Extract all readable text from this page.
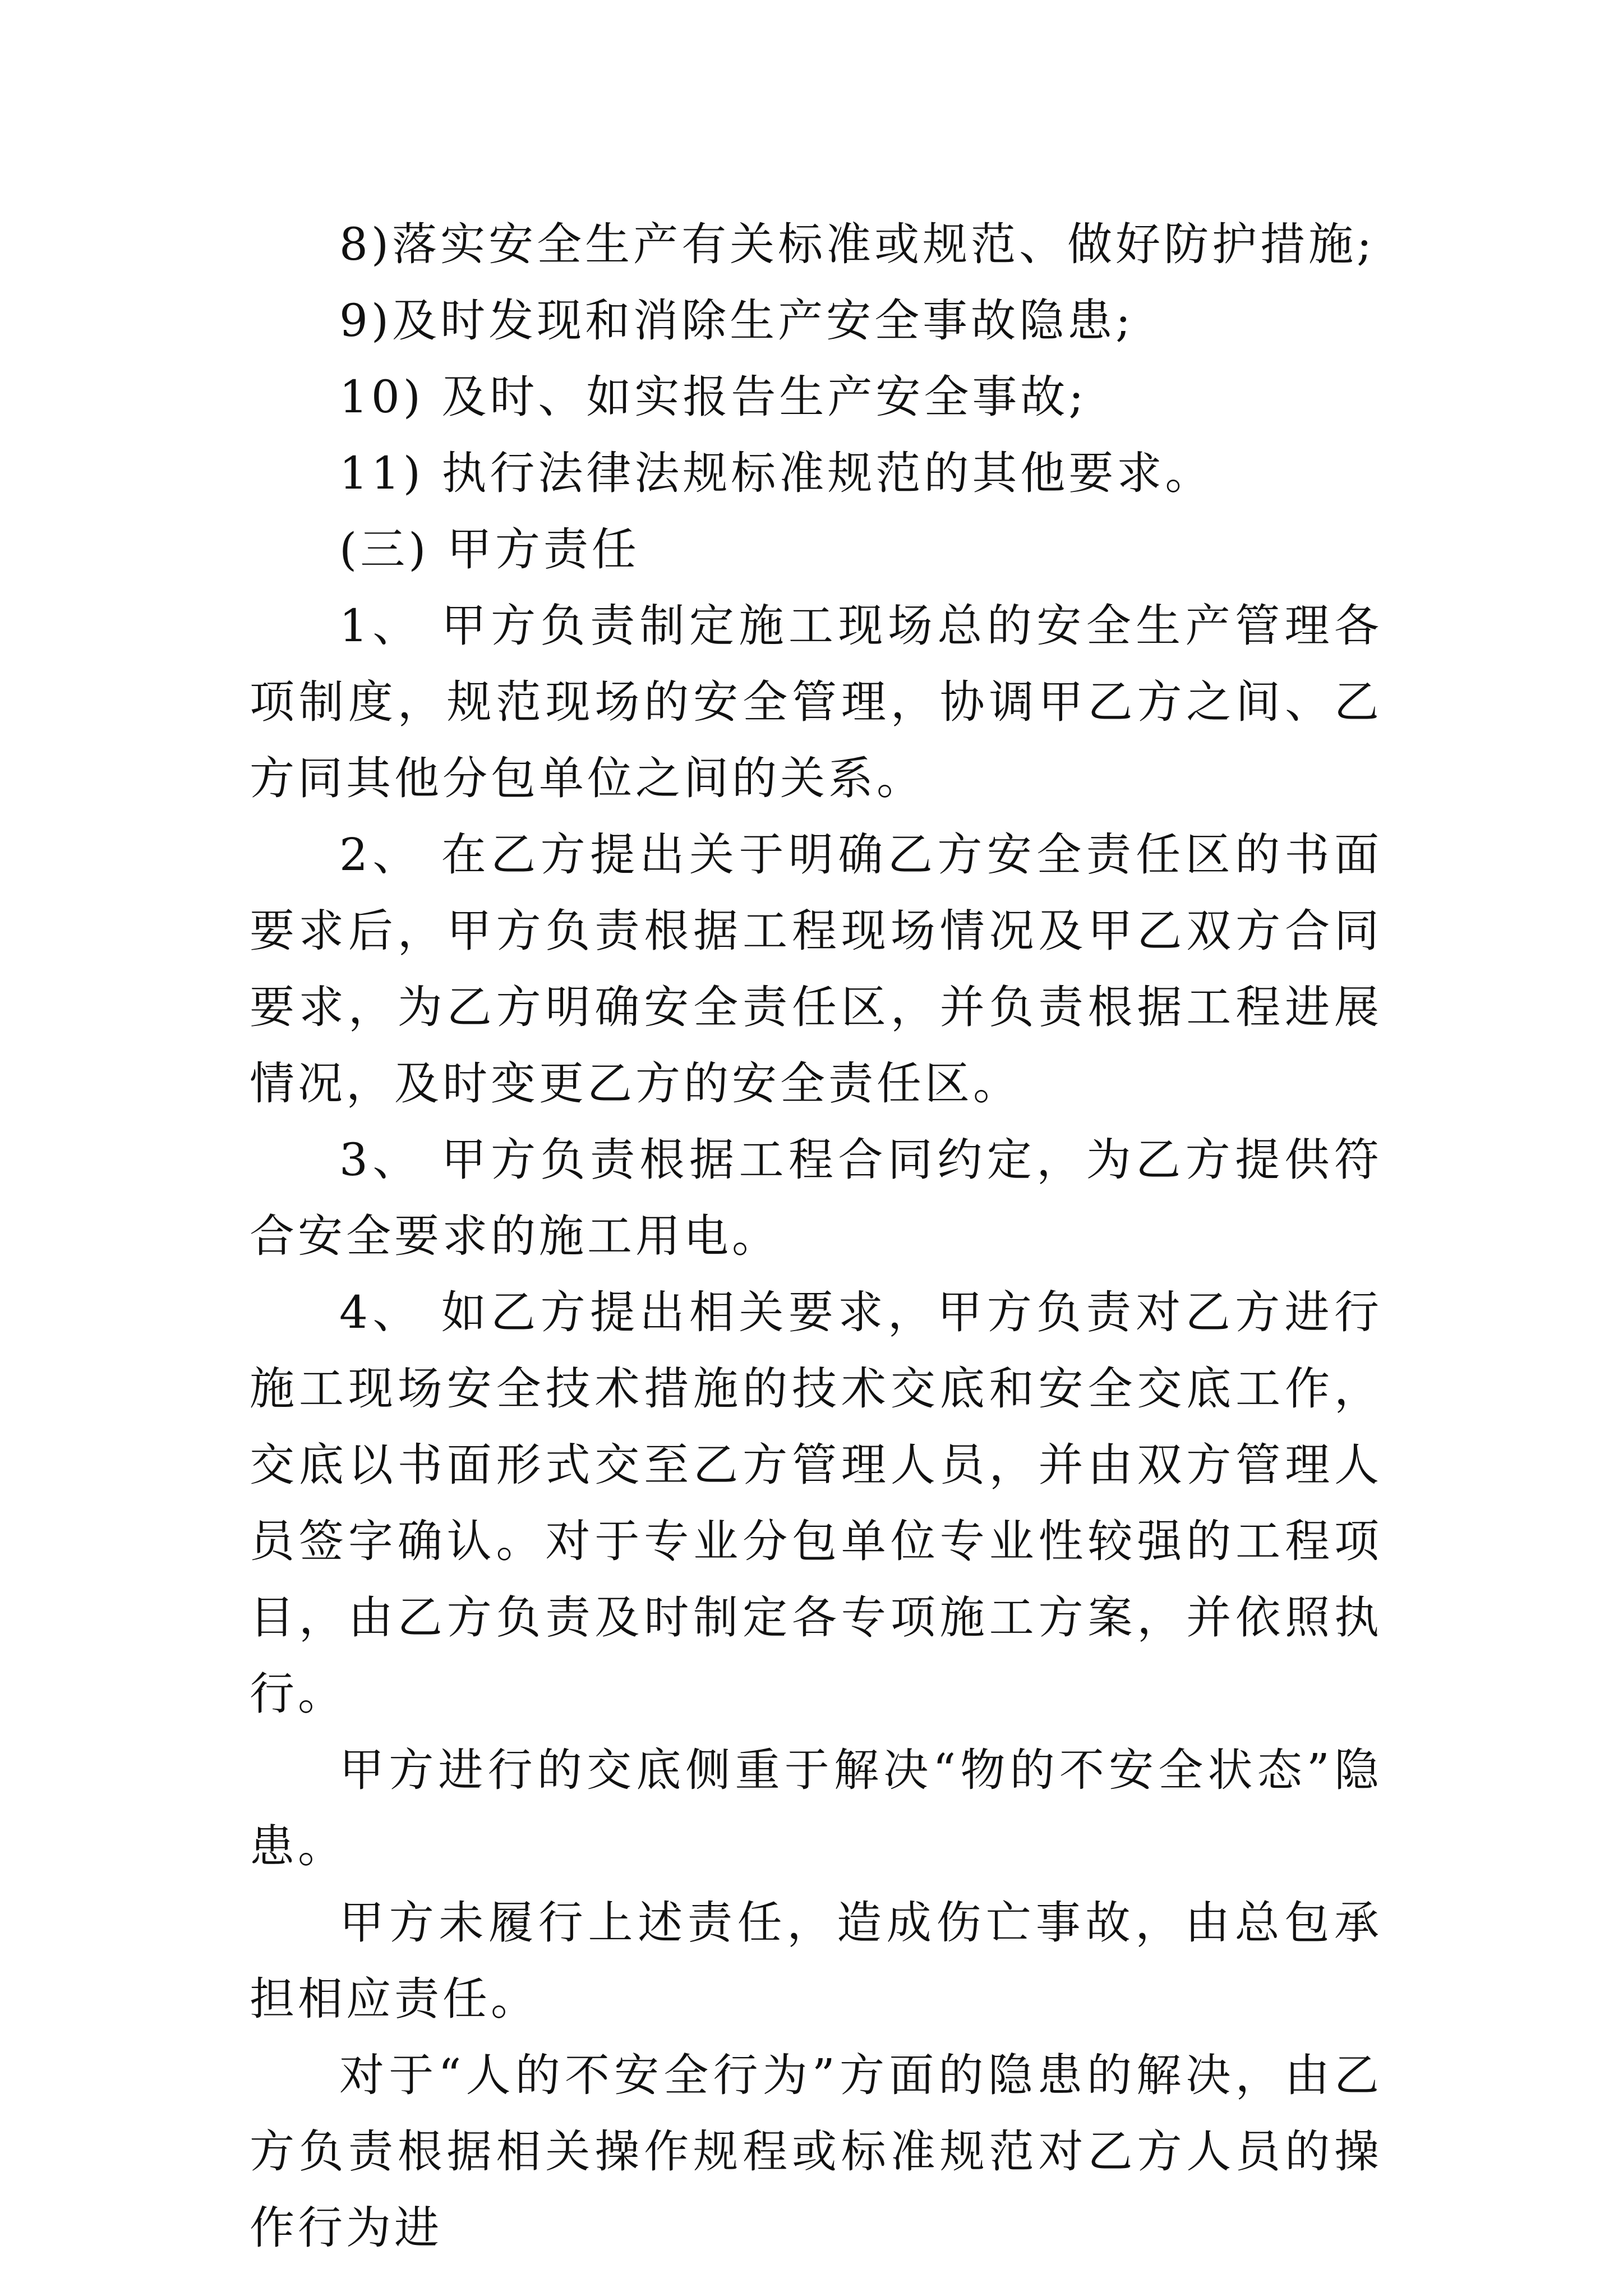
8)落实安全生产有关标准或规范、做好防护措施;

9)及时发现和消除生产安全事故隐患;

10) 及时、如实报告生产安全事故;

11) 执行法律法规标准规范的其他要求。

(三) 甲方责任

1、 甲方负责制定施工现场总的安全生产管理各项制度，规范现场的安全管理，协调甲乙方之间、乙方同其他分包单位之间的关系。

2、 在乙方提出关于明确乙方安全责任区的书面要求后，甲方负责根据工程现场情况及甲乙双方合同要求，为乙方明确安全责任区，并负责根据工程进展情况，及时变更乙方的安全责任区。

3、 甲方负责根据工程合同约定，为乙方提供符合安全要求的施工用电。

4、 如乙方提出相关要求，甲方负责对乙方进行施工现场安全技术措施的技术交底和安全交底工作，交底以书面形式交至乙方管理人员，并由双方管理人员签字确认。对于专业分包单位专业性较强的工程项目，由乙方负责及时制定各专项施工方案，并依照执行。

甲方进行的交底侧重于解决“物的不安全状态”隐患。

甲方未履行上述责任，造成伤亡事故，由总包承担相应责任。

对于“人的不安全行为”方面的隐患的解决，由乙方负责根据相关操作规程或标准规范对乙方人员的操作行为进
